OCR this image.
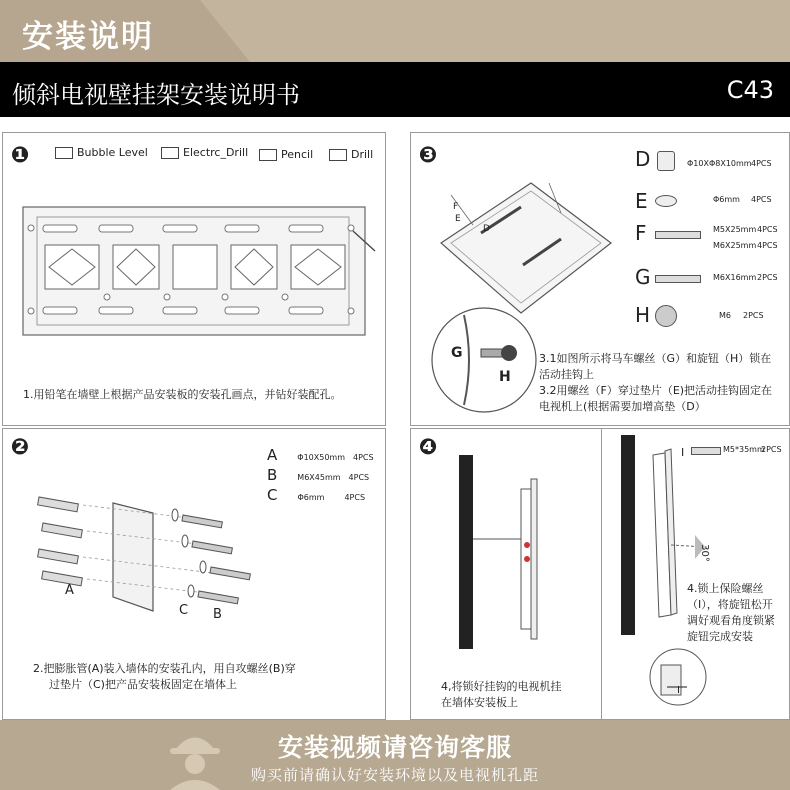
安装说明
倾斜电视壁挂架安装说明书	C43
❶	Bubble Level	Electrc_Drill	Pencil	Drill
1.用铅笔在墙壁上根据产品安装板的安装孔画点，并钻好装配孔。
❷	A	Φ10X50mm 4PCS
B	M6X45mm 4PCS
C	Φ6mm	4PCS
A
C B
2.把膨胀管(A)装入墙体的安装孔内，用自攻螺丝(B)穿
过垫片（C)把产品安装板固定在墙体上
❸
F
E
D
G
H
D	Φ10XΦ8X10mm 4PCS
E	Φ6mm 4PCS
F	M5X25mm 4PCS
M6X25mm 4PCS
G	M6X16mm 2PCS
H	M6 2PCS
3.1如图所示将马车螺丝（G）和旋钮（H）锁在
活动挂钩上
3.2用螺丝（F）穿过垫片（E)把活动挂钩固定在
电视机上(根据需要加增高垫（D）
❹	I	M5*35mm
2PCS
30°
I
4,将锁好挂钩的电视机挂
在墙体安装板上
4.锁上保险螺丝
（I），将旋钮松开
调好观看角度锁紧
旋钮完成安装
安装视频请咨询客服
购买前请确认好安装环境以及电视机孔距
